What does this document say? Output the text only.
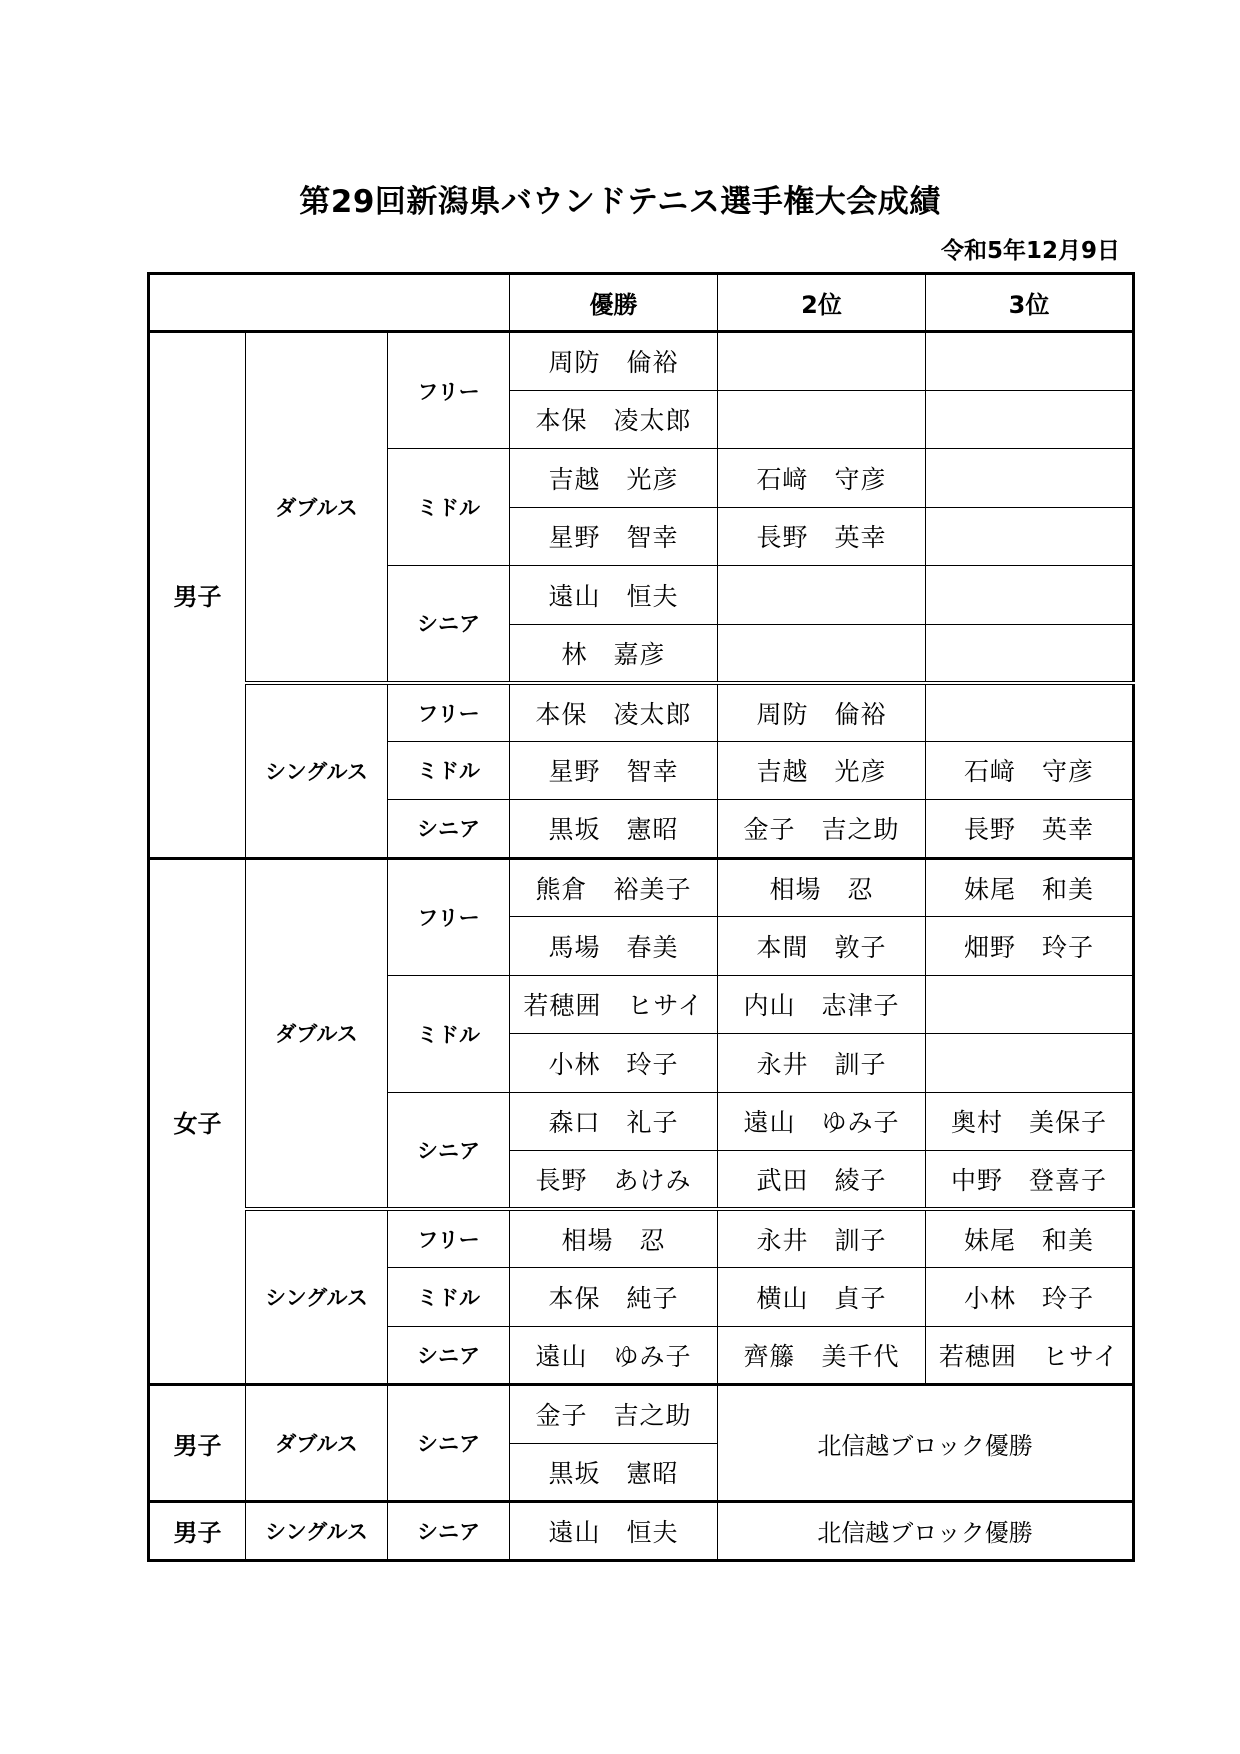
第29回新潟県バウンドテニス選手権大会成績
令和5年12月9日
			優勝	2位	3位
男子	ダブルス	フリー	周防　倫裕		
			本保　凌太郎		
		ミドル	吉越　光彦	石﨑　守彦	
			星野　智幸	長野　英幸	
		シニア	遠山　恒夫		
			林　嘉彦		
	シングルス	フリー	本保　凌太郎	周防　倫裕	
		ミドル	星野　智幸	吉越　光彦	石﨑　守彦
		シニア	黒坂　憲昭	金子　吉之助	長野　英幸
女子	ダブルス	フリー	熊倉　裕美子	相場　忍	妹尾　和美
			馬場　春美	本間　敦子	畑野　玲子
		ミドル	若穂囲　ヒサイ	内山　志津子	
			小林　玲子	永井　訓子	
		シニア	森口　礼子	遠山　ゆみ子	奥村　美保子
			長野　あけみ	武田　綾子	中野　登喜子
	シングルス	フリー	相場　忍	永井　訓子	妹尾　和美
		ミドル	本保　純子	横山　貞子	小林　玲子
		シニア	遠山　ゆみ子	齊籐　美千代	若穂囲　ヒサイ
男子	ダブルス	シニア	金子　吉之助	北信越ブロック優勝	
			黒坂　憲昭		
男子	シングルス	シニア	遠山　恒夫	北信越ブロック優勝	
